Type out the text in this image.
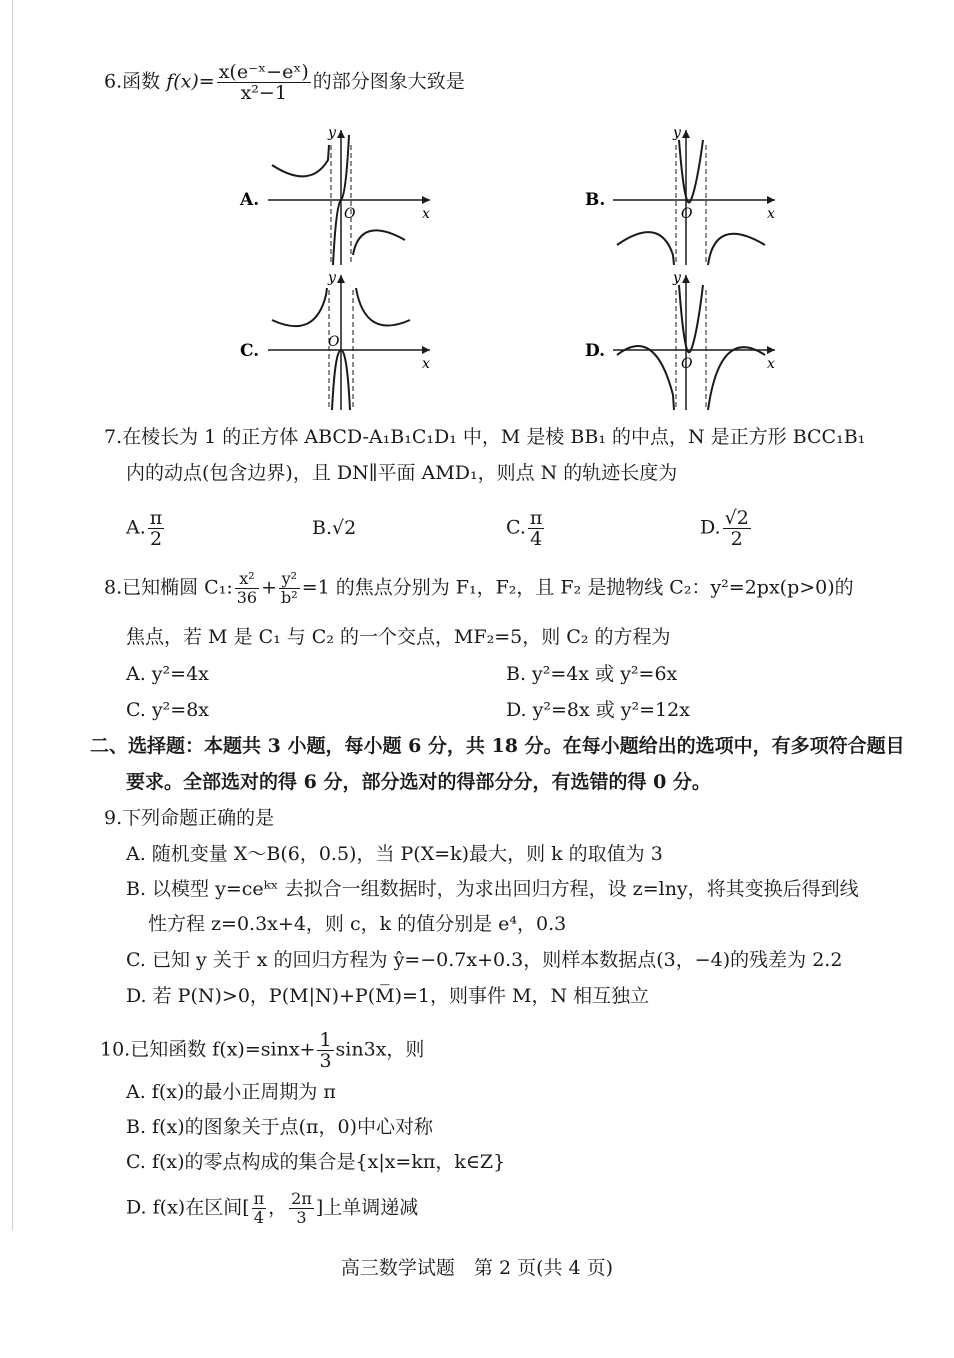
6.函数 $f(x)= \frac{\text{x(e⁻ˣ−eˣ)}}{\text{x²−1}}$ 的部分图象大致是
A.
x
y
O
B.
x
y
O
C.
x
y
O	D.
x
y
O
7.在棱长为 1 的正方体 ABCD-A₁B₁C₁D₁ 中，M 是棱 BB₁ 的中点，N 是正方形 BCC₁B₁
内的动点(包含边界)，且 DN∥平面 AMD₁，则点 N 的轨迹长度为
A. $\frac{\pi}{2}$	B.√2	C. $\frac{\pi}{4}$	D. $\frac{√2}{2}$
8.已知椭圆 C₁: $\frac{\text{x²}}{36} + \frac{\text{y²}}{\text{b²}} =1$ 的焦点分别为 F₁，F₂，且 F₂ 是抛物线 C₂：y²=2px(p>0)的
焦点，若 M 是 C₁ 与 C₂ 的一个交点，MF₂=5，则 C₂ 的方程为
A. y²=4x	B. y²=4x 或 y²=6x
C. y²=8x	D. y²=8x 或 y²=12x
二、选择题：本题共 3 小题，每小题 6 分，共 18 分。在每小题给出的选项中，有多项符合题目
要求。全部选对的得 6 分，部分选对的得部分分，有选错的得 0 分。
9.下列命题正确的是
A. 随机变量 X～B(6，0.5)，当 P(X=k)最大，则 k 的取值为 3
B. 以模型 y=ceᵏˣ 去拟合一组数据时，为求出回归方程，设 z=lny，将其变换后得到线
性方程 z=0.3x+4，则 c，k 的值分别是 e⁴，0.3
C. 已知 y 关于 x 的回归方程为 ŷ=−0.7x+0.3，则样本数据点(3，−4)的残差为 2.2
D. 若 P(N)>0，P(M|N)+P(M̅)=1，则事件 M，N 相互独立
10.已知函数 $f(x)=\sin x+ \frac{1}{3} \sin 3x$，则
A. f(x)的最小正周期为 π
B. f(x)的图象关于点(π，0)中心对称
C. f(x)的零点构成的集合是{x|x=kπ，k∈Z}
D. f(x)在区间[ $\frac{\pi}{4}$ ， $\frac{2\pi}{3}$ ]上单调递减
高三数学试题　第 2 页(共 4 页)
